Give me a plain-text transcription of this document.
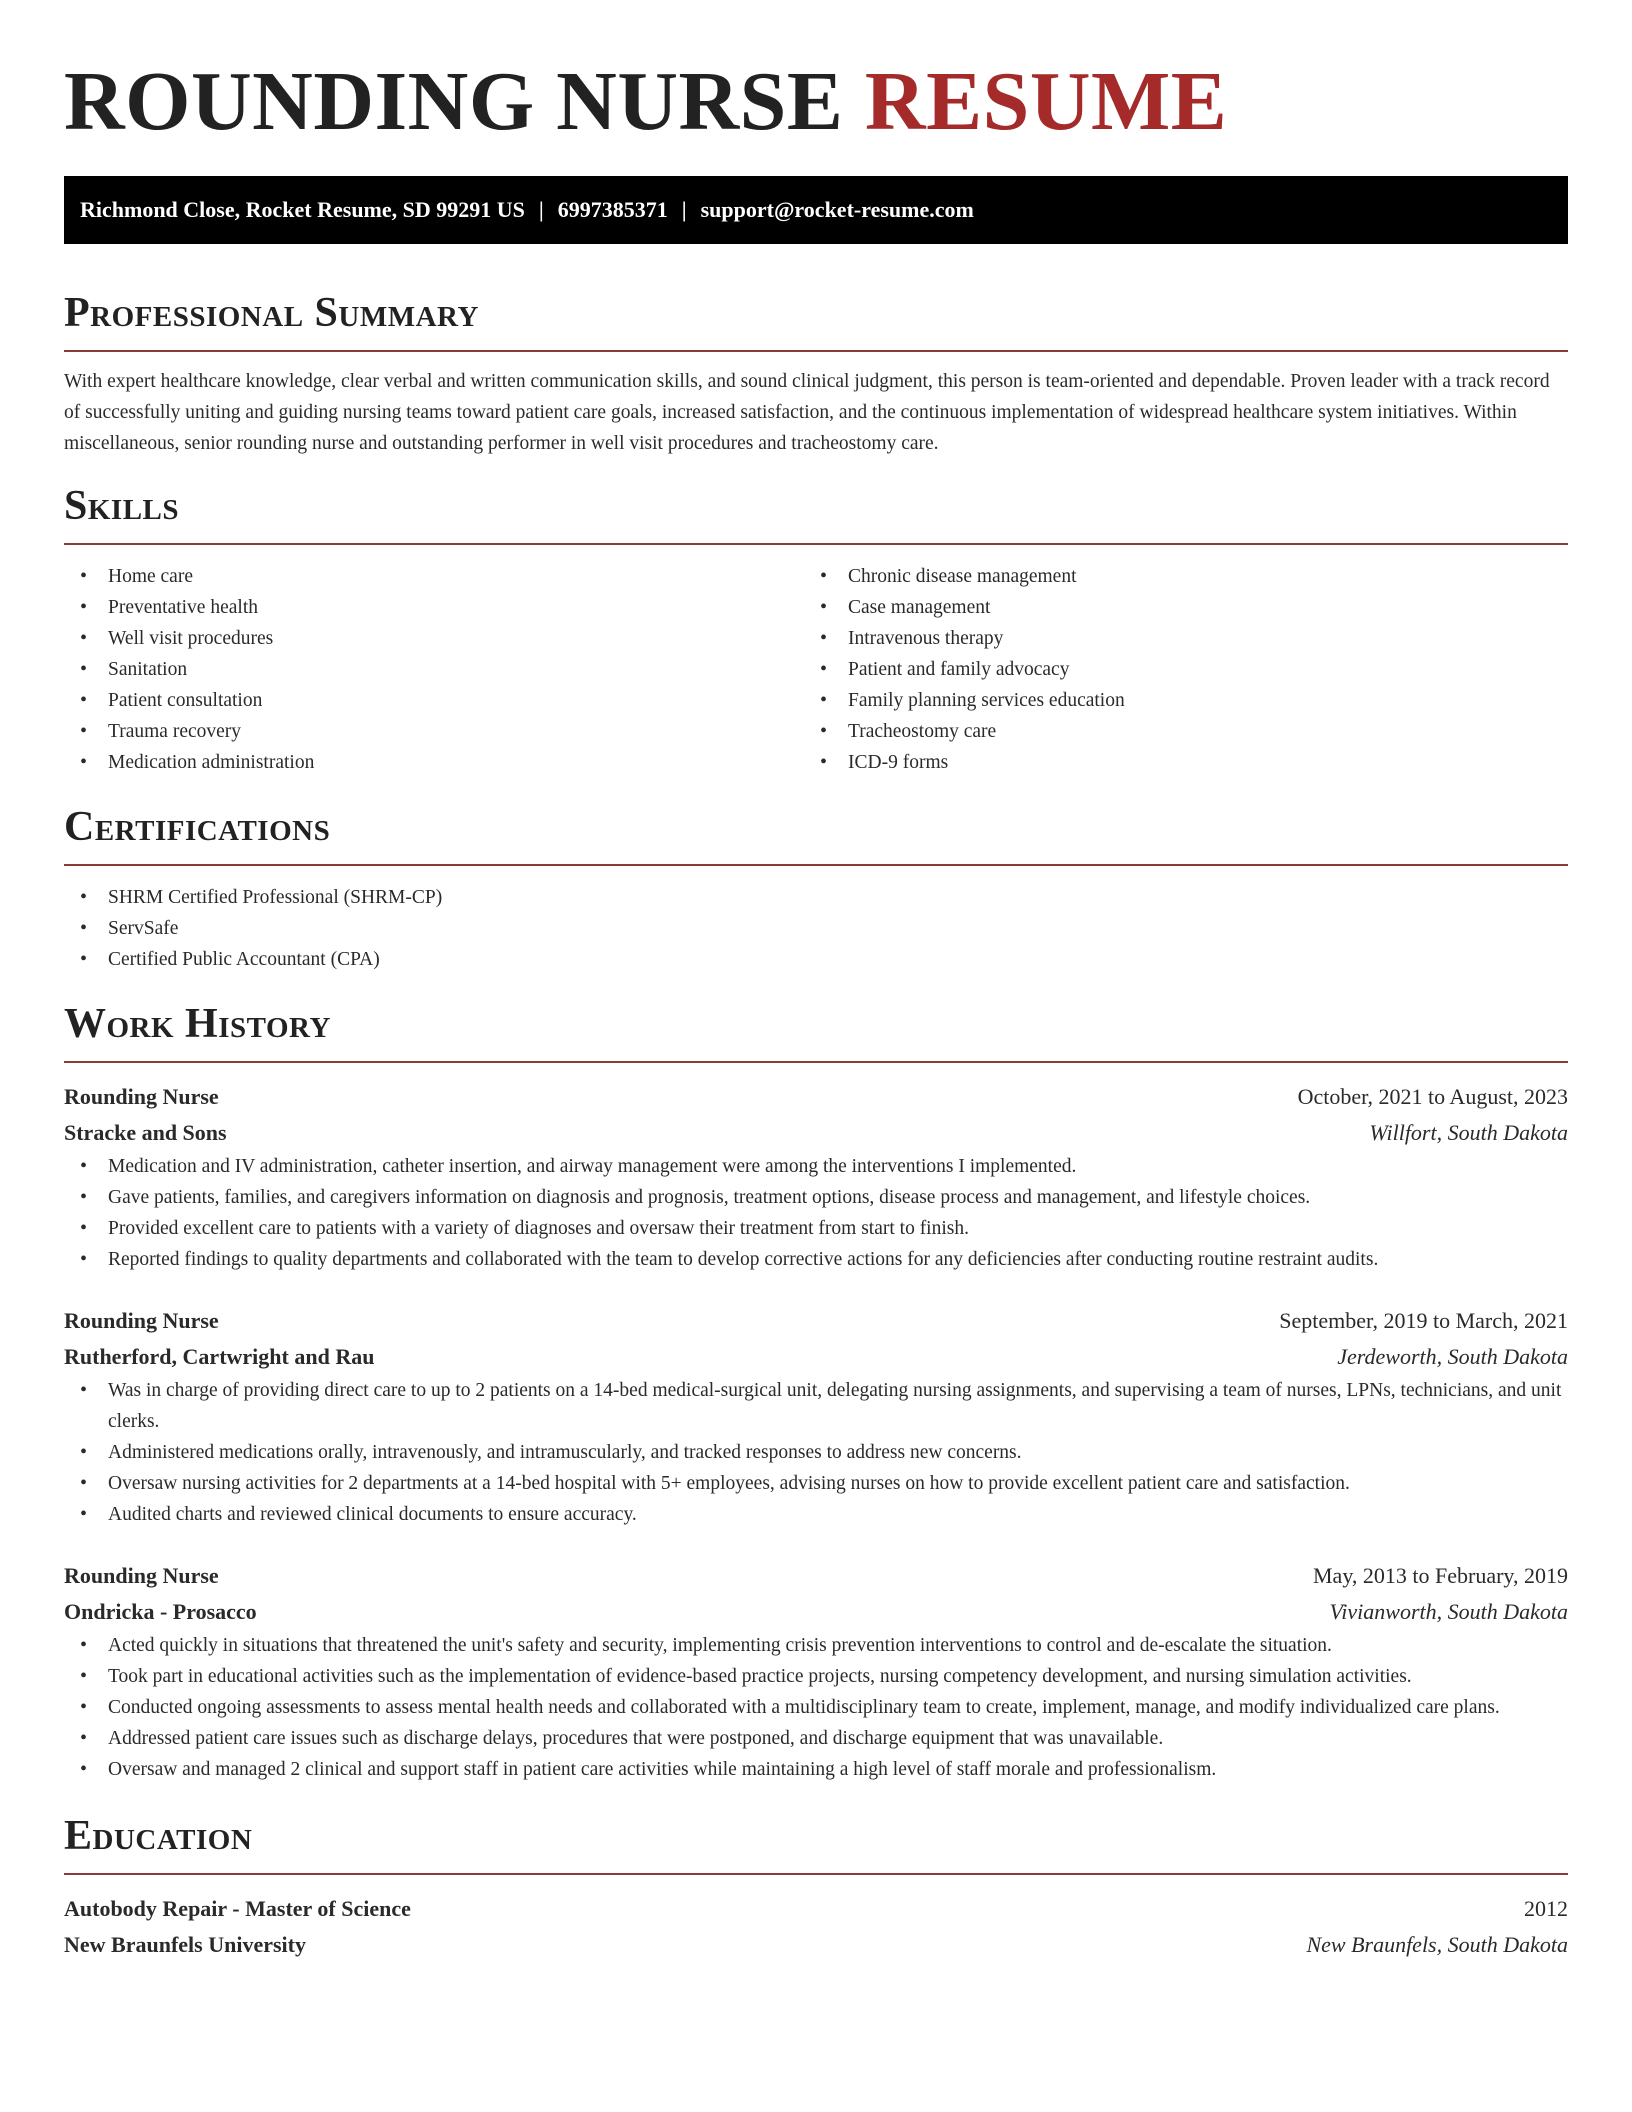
ROUNDING NURSE RESUME
Richmond Close, Rocket Resume, SD 99291 US | 6997385371 | support@rocket-resume.com
Professional Summary

With expert healthcare knowledge, clear verbal and written communication skills, and sound clinical judgment, this person is team-oriented and dependable. Proven leader with a track record of successfully uniting and guiding nursing teams toward patient care goals, increased satisfaction, and the continuous implementation of widespread healthcare system initiatives. Within miscellaneous, senior rounding nurse and outstanding performer in well visit procedures and tracheostomy care.

Skills
• Home care
• Preventative health
• Well visit procedures
• Sanitation
• Patient consultation
• Trauma recovery
• Medication administration
• Chronic disease management
• Case management
• Intravenous therapy
• Patient and family advocacy
• Family planning services education
• Tracheostomy care
• ICD-9 forms
Certifications
• SHRM Certified Professional (SHRM-CP)
• ServSafe
• Certified Public Accountant (CPA)
Work History
Rounding Nurse	October, 2021 to August, 2023
Stracke and Sons	Willfort, South Dakota
• Medication and IV administration, catheter insertion, and airway management were among the interventions I implemented.
• Gave patients, families, and caregivers information on diagnosis and prognosis, treatment options, disease process and management, and lifestyle choices.
• Provided excellent care to patients with a variety of diagnoses and oversaw their treatment from start to finish.
• Reported findings to quality departments and collaborated with the team to develop corrective actions for any deficiencies after conducting routine restraint audits.
Rounding Nurse	September, 2019 to March, 2021
Rutherford, Cartwright and Rau	Jerdeworth, South Dakota
• Was in charge of providing direct care to up to 2 patients on a 14-bed medical-surgical unit, delegating nursing assignments, and supervising a team of nurses, LPNs, technicians, and unit clerks.
• Administered medications orally, intravenously, and intramuscularly, and tracked responses to address new concerns.
• Oversaw nursing activities for 2 departments at a 14-bed hospital with 5+ employees, advising nurses on how to provide excellent patient care and satisfaction.
• Audited charts and reviewed clinical documents to ensure accuracy.
Rounding Nurse	May, 2013 to February, 2019
Ondricka - Prosacco	Vivianworth, South Dakota
• Acted quickly in situations that threatened the unit's safety and security, implementing crisis prevention interventions to control and de-escalate the situation.
• Took part in educational activities such as the implementation of evidence-based practice projects, nursing competency development, and nursing simulation activities.
• Conducted ongoing assessments to assess mental health needs and collaborated with a multidisciplinary team to create, implement, manage, and modify individualized care plans.
• Addressed patient care issues such as discharge delays, procedures that were postponed, and discharge equipment that was unavailable.
• Oversaw and managed 2 clinical and support staff in patient care activities while maintaining a high level of staff morale and professionalism.
Education
Autobody Repair - Master of Science	2012
New Braunfels University	New Braunfels, South Dakota
